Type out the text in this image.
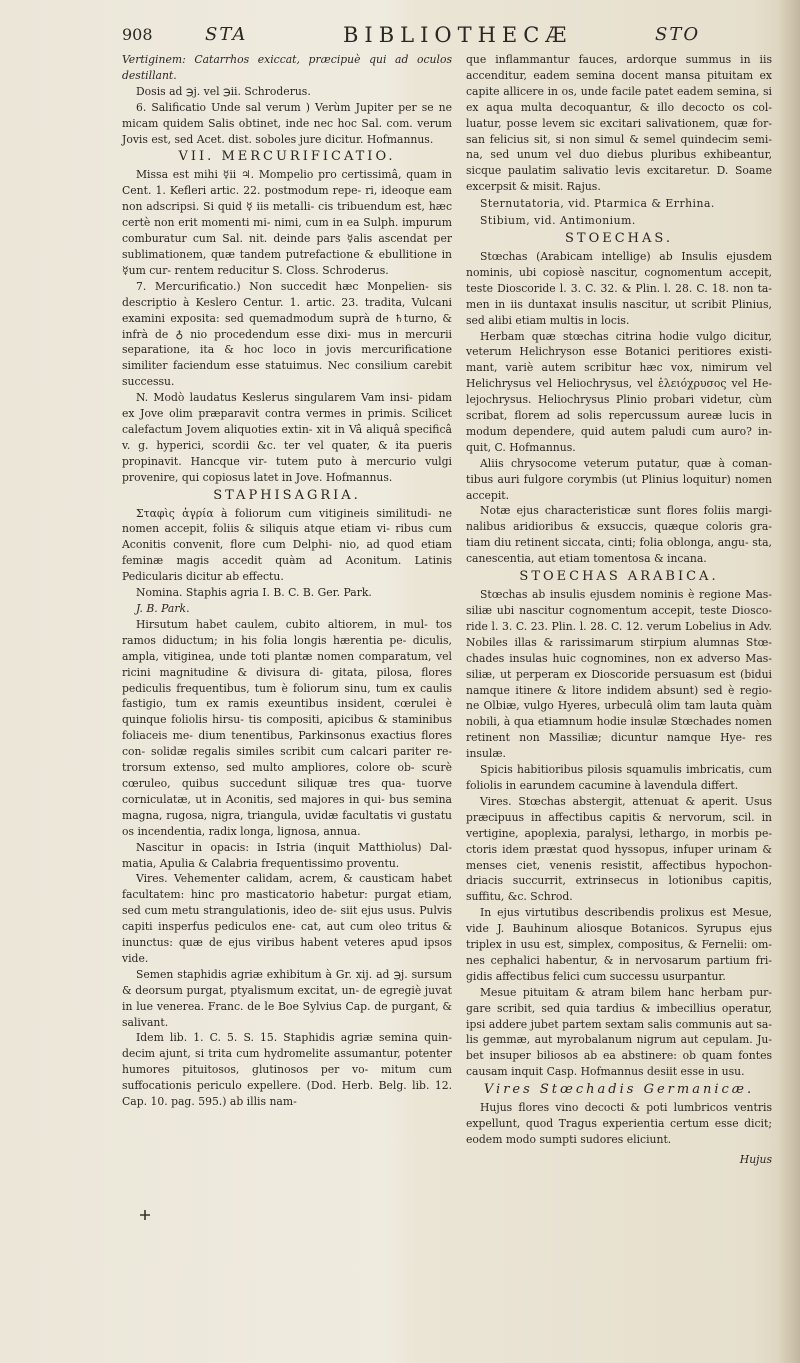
908	STA	BIBLIOTHECÆ	STO

Vertiginem: Catarrhos exiccat, præcipuè qui ad oculos destillant.

Dosis ad ℈j. vel ℈ii. Schroderus.

6. Salificatio Unde sal verum ) Verùm Jupiter per se ne micam quidem Salis obtinet, inde nec hoc Sal. com. verum Jovis est, sed Acet. dist. soboles jure dicitur. Hofmannus.

VII. MERCURIFICATIO.

Missa est mihi ☿ii ♃. Mompelio pro certissimâ, quam in Cent. 1. Kefleri artic. 22. postmodum repe- ri, ideoque eam non adscripsi. Si quid ☿ iis metalli- cis tribuendum est, hæc certè non erit momenti mi- nimi, cum in ea Sulph. impurum comburatur cum Sal. nit. deinde pars ☿alis ascendat per sublimationem, quæ tandem putrefactione & ebullitione in ☿um cur- rentem reducitur S. Closs. Schroderus.

7. Mercurificatio.) Non succedit hæc Monpelien- sis descriptio à Keslero Centur. 1. artic. 23. tradita, Vulcani examini exposita: sed quemadmodum suprà de ♄turno, & infrà de ♁ nio procedendum esse dixi- mus in mercurii separatione, ita & hoc loco in jovis mercurificatione similiter faciendum esse statuimus. Nec consilium carebit successu.

N. Modò laudatus Keslerus singularem Vam insi- pidam ex Jove olim præparavit contra vermes in primis. Scilicet calefactum Jovem aliquoties extin- xit in Vâ aliquâ specificâ v. g. hyperici, scordii &c. ter vel quater, & ita pueris propinavit. Hancque vir- tutem puto à mercurio vulgi provenire, qui copiosus latet in Jove. Hofmannus.

STAPHISAGRIA.

Σταφὶς ἀγρία à foliorum cum vitigineis similitudi- ne nomen accepit, foliis & siliquis atque etiam vi- ribus cum Aconitis convenit, flore cum Delphi- nio, ad quod etiam feminæ magis accedit quàm ad Aconitum. Latinis Pedicularis dicitur ab effectu.

Nomina. Staphis agria I. B. C. B. Ger. Park.

J. B. Park.

Hirsutum habet caulem, cubito altiorem, in mul- tos ramos diductum; in his folia longis hærentia pe- diculis, ampla, vitiginea, unde toti plantæ nomen comparatum, vel ricini magnitudine & divisura di- gitata, pilosa, flores pediculis frequentibus, tum è foliorum sinu, tum ex caulis fastigio, tum ex ramis exeuntibus insident, cœrulei è quinque foliolis hirsu- tis compositi, apicibus & staminibus foliaceis me- dium tenentibus, Parkinsonus exactius flores con- solidæ regalis similes scribit cum calcari pariter re- trorsum extenso, sed multo ampliores, colore ob- scurè cœruleo, quibus succedunt siliquæ tres qua- tuorve corniculatæ, ut in Aconitis, sed majores in qui- bus semina magna, rugosa, nigra, triangula, uvidæ facultatis vi gustatu os incendentia, radix longa, lignosa, annua.

Nascitur in opacis: in Istria (inquit Matthiolus) Dal- matia, Apulia & Calabria frequentissimo proventu.

Vires. Vehementer calidam, acrem, & causticam habet facultatem: hinc pro masticatorio habetur: purgat etiam, sed cum metu strangulationis, ideo de- siit ejus usus. Pulvis capiti insperfus pediculos ene- cat, aut cum oleo tritus & inunctus: quæ de ejus viribus habent veteres apud ipsos vide.

Semen staphidis agriæ exhibitum à Gr. xij. ad ℈j. sursum & deorsum purgat, ptyalismum excitat, un- de egregiè juvat in lue venerea. Franc. de le Boe Sylvius Cap. de purgant, & salivant.

Idem lib. 1. C. 5. S. 15. Staphidis agriæ semina quin- decim ajunt, si trita cum hydromelite assumantur, potenter humores pituitosos, glutinosos per vo- mitum cum suffocationis periculo expellere. (Dod. Herb. Belg. lib. 12. Cap. 10. pag. 595.) ab illis nam-

que inflammantur fauces, ardorque summus in iis accenditur, eadem semina docent mansa pituitam ex capite allicere in os, unde facile patet eadem semina, si ex aqua multa decoquantur, & illo decocto os col- luatur, posse levem sic excitari salivationem, quæ for- san felicius sit, si non simul & semel quindecim semi- na, sed unum vel duo diebus pluribus exhibeantur, sicque paulatim salivatio levis excitaretur. D. Soame excerpsit & misit. Rajus.

Sternutatoria, vid. Ptarmica & Errhina.

Stibium, vid. Antimonium.

STOECHAS.

Stœchas (Arabicam intellige) ab Insulis ejusdem nominis, ubi copiosè nascitur, cognomentum accepit, teste Dioscoride l. 3. C. 32. & Plin. l. 28. C. 18. non ta- men in iis duntaxat insulis nascitur, ut scribit Plinius, sed alibi etiam multis in locis.

Herbam quæ stœchas citrina hodie vulgo dicitur, veterum Helichryson esse Botanici peritiores existi- mant, variè autem scribitur hæc vox, nimirum vel Helichrysus vel Heliochrysus, vel ἑλειόχρυσος vel He- lejochrysus. Heliochrysus Plinio probari videtur, cùm scribat, florem ad solis repercussum aureæ lucis in modum dependere, quid autem paludi cum auro? in- quit, C. Hofmannus.

Aliis chrysocome veterum putatur, quæ à coman- tibus auri fulgore corymbis (ut Plinius loquitur) nomen accepit.

Notæ ejus characteristicæ sunt flores foliis margi- nalibus aridioribus & exsuccis, quæque coloris gra- tiam diu retinent siccata, cinti; folia oblonga, angu- sta, canescentia, aut etiam tomentosa & incana.

STOECHAS ARABICA.

Stœchas ab insulis ejusdem nominis è regione Mas- siliæ ubi nascitur cognomentum accepit, teste Diosco- ride l. 3. C. 23. Plin. l. 28. C. 12. verum Lobelius in Adv. Nobiles illas & rarissimarum stirpium alumnas Stœ- chades insulas huic cognomines, non ex adverso Mas- siliæ, ut perperam ex Dioscoride persuasum est (bidui namque itinere & litore indidem absunt) sed è regio- ne Olbiæ, vulgo Hyeres, urbeculâ olim tam lauta quàm nobili, à qua etiamnum hodie insulæ Stœchades nomen retinent non Massiliæ; dicuntur namque Hye- res insulæ.

Spicis habitioribus pilosis squamulis imbricatis, cum foliolis in earundem cacumine à lavendula differt.

Vires. Stœchas abstergit, attenuat & aperit. Usus præcipuus in affectibus capitis & nervorum, scil. in vertigine, apoplexia, paralysi, lethargo, in morbis pe- ctoris idem præstat quod hyssopus, infuper urinam & menses ciet, venenis resistit, affectibus hypochon- driacis succurrit, extrinsecus in lotionibus capitis, suffitu, &c. Schrod.

In ejus virtutibus describendis prolixus est Mesue, vide J. Bauhinum aliosque Botanicos. Syrupus ejus triplex in usu est, simplex, compositus, & Fernelii: om- nes cephalici habentur, & in nervosarum partium fri- gidis affectibus felici cum successu usurpantur.

Mesue pituitam & atram bilem hanc herbam pur- gare scribit, sed quia tardius & imbecillius operatur, ipsi addere jubet partem sextam salis communis aut sa- lis gemmæ, aut myrobalanum nigrum aut cepulam. Ju- bet insuper biliosos ab ea abstinere: ob quam fontes causam inquit Casp. Hofmannus desiit esse in usu.

Vires Stœchadis Germanicæ.

Hujus flores vino decocti & poti lumbricos ventris expellunt, quod Tragus experientia certum esse dicit; eodem modo sumpti sudores eliciunt.

Hujus
